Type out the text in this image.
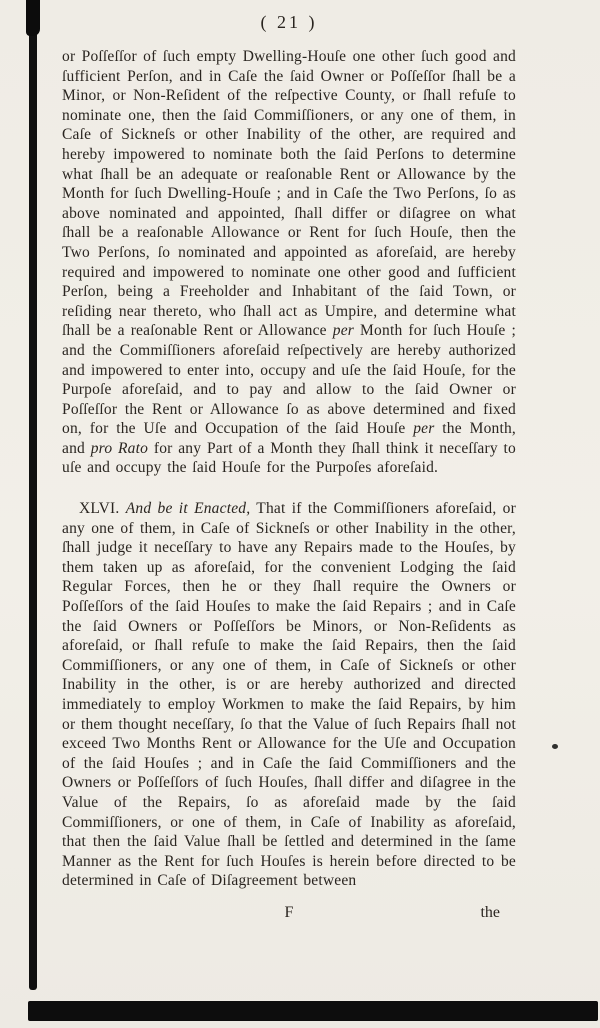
( 21 )

or Poſſeſſor of ſuch empty Dwelling-Houſe one other ſuch good and ſufficient Perſon, and in Caſe the ſaid Owner or Poſſeſſor ſhall be a Minor, or Non-Reſident of the reſpective County, or ſhall refuſe to nominate one, then the ſaid Commiſſioners, or any one of them, in Caſe of Sickneſs or other Inability of the other, are required and hereby impowered to nominate both the ſaid Perſons to determine what ſhall be an adequate or reaſonable Rent or Allowance by the Month for ſuch Dwelling-Houſe ; and in Caſe the Two Perſons, ſo as above nominated and appointed, ſhall differ or diſagree on what ſhall be a reaſonable Allowance or Rent for ſuch Houſe, then the Two Perſons, ſo nominated and appointed as aforeſaid, are hereby required and impowered to nominate one other good and ſufficient Perſon, being a Freeholder and Inhabitant of the ſaid Town, or reſiding near thereto, who ſhall act as Umpire, and determine what ſhall be a reaſonable Rent or Allowance per Month for ſuch Houſe ; and the Commiſſioners aforeſaid reſpectively are hereby authorized and impowered to enter into, occupy and uſe the ſaid Houſe, for the Purpoſe aforeſaid, and to pay and allow to the ſaid Owner or Poſſeſſor the Rent or Allowance ſo as above determined and fixed on, for the Uſe and Occupation of the ſaid Houſe per the Month, and pro Rato for any Part of a Month they ſhall think it neceſſary to uſe and occupy the ſaid Houſe for the Purpoſes aforeſaid.

XLVI. And be it Enacted, That if the Commiſſioners aforeſaid, or any one of them, in Caſe of Sickneſs or other Inability in the other, ſhall judge it neceſſary to have any Repairs made to the Houſes, by them taken up as aforeſaid, for the convenient Lodging the ſaid Regular Forces, then he or they ſhall require the Owners or Poſſeſſors of the ſaid Houſes to make the ſaid Repairs ; and in Caſe the ſaid Owners or Poſſeſſors be Minors, or Non-Reſidents as aforeſaid, or ſhall refuſe to make the ſaid Repairs, then the ſaid Commiſſioners, or any one of them, in Caſe of Sickneſs or other Inability in the other, is or are hereby authorized and directed immediately to employ Workmen to make the ſaid Repairs, by him or them thought neceſſary, ſo that the Value of ſuch Repairs ſhall not exceed Two Months Rent or Allowance for the Uſe and Occupation of the ſaid Houſes ; and in Caſe the ſaid Commiſſioners and the Owners or Poſſeſſors of ſuch Houſes, ſhall differ and diſagree in the Value of the Repairs, ſo as aforeſaid made by the ſaid Commiſſioners, or one of them, in Caſe of Inability as aforeſaid, that then the ſaid Value ſhall be ſettled and determined in the ſame Manner as the Rent for ſuch Houſes is herein before directed to be determined in Caſe of Diſagreement between

F	the
